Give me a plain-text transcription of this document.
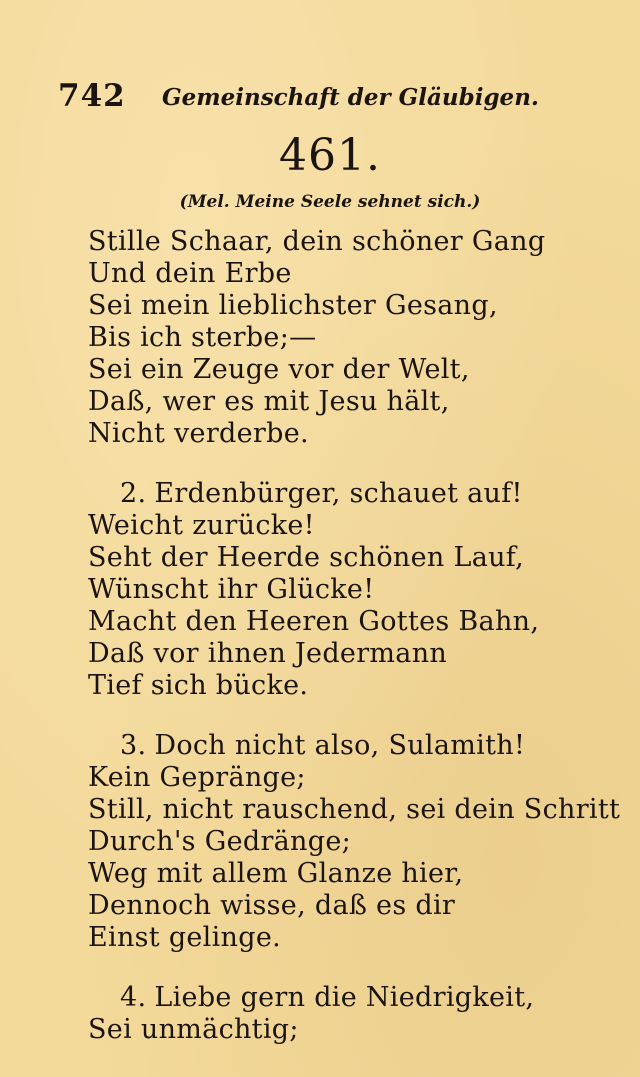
742 Gemeinschaft der Gläubigen.
461.
(Mel. Meine Seele sehnet sich.)
Stille Schaar, dein schöner Gang
Und dein Erbe
Sei mein lieblichster Gesang,
Bis ich sterbe;—
Sei ein Zeuge vor der Welt,
Daß, wer es mit Jesu hält,
Nicht verderbe.
2. Erdenbürger, schauet auf!
Weicht zurücke!
Seht der Heerde schönen Lauf,
Wünscht ihr Glücke!
Macht den Heeren Gottes Bahn,
Daß vor ihnen Jedermann
Tief sich bücke.
3. Doch nicht also, Sulamith!
Kein Gepränge;
Still, nicht rauschend, sei dein Schritt
Durch's Gedränge;
Weg mit allem Glanze hier,
Dennoch wisse, daß es dir
Einst gelinge.
4. Liebe gern die Niedrigkeit,
Sei unmächtig;
